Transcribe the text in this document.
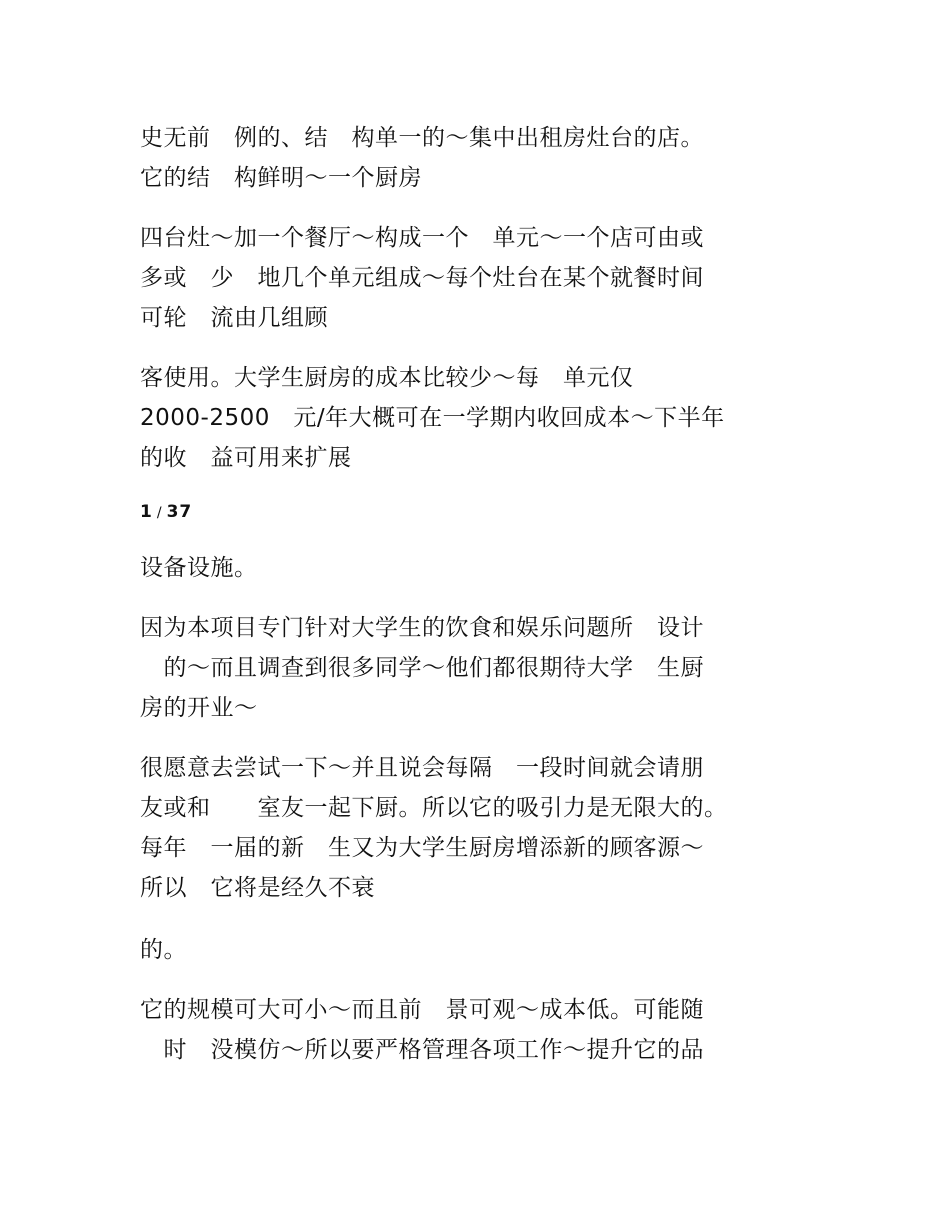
史无前　例的、结　构单一的～集中出租房灶台的店。
它的结　构鲜明～一个厨房

四台灶～加一个餐厅～构成一个　单元～一个店可由或
多或　少　地几个单元组成～每个灶台在某个就餐时间
可轮　流由几组顾

客使用。大学生厨房的成本比较少～每　单元仅
2000-2500　元/年大概可在一学期内收回成本～下半年
的收　益可用来扩展

1 / 37

设备设施。

因为本项目专门针对大学生的饮食和娱乐问题所　设计
　的～而且调查到很多同学～他们都很期待大学　生厨
房的开业～

很愿意去尝试一下～并且说会每隔　一段时间就会请朋
友或和　　室友一起下厨。所以它的吸引力是无限大的。
每年　一届的新　生又为大学生厨房增添新的顾客源～
所以　它将是经久不衰

的。

它的规模可大可小～而且前　景可观～成本低。可能随
　时　没模仿～所以要严格管理各项工作～提升它的品
